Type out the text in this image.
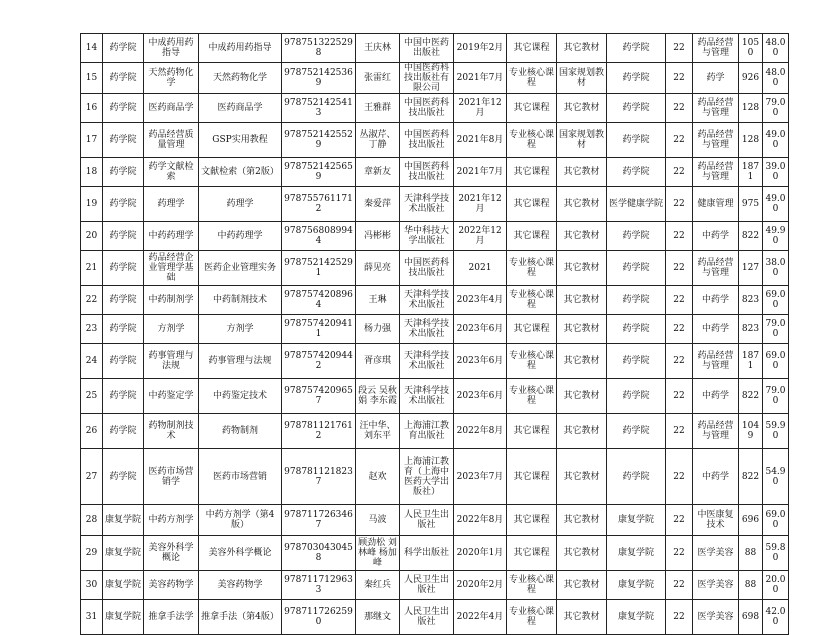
14	药学院	中成药用药指导	中成药用药指导	9787513225298	王庆林	中国中医药出版社	2019年2月	其它课程	其它教材	药学院	22	药品经营与管理	1050	48.00
15	药学院	天然药物化学	天然药物化学	9787521425369	张雷红	中国医药科技出版社有限公司	2021年7月	专业核心课程	国家规划教材	药学院	22	药学	926	48.00
16	药学院	医药商品学	医药商品学	9787521425413	王雅群	中国医药科技出版社	2021年12月	其它课程	其它教材	药学院	22	药品经营与管理	128	79.00
17	药学院	药品经营质量管理	GSP实用教程	9787521425529	丛淑芹、丁静	中国医药科技出版社	2021年8月	专业核心课程	国家规划教材	药学院	22	药品经营与管理	128	49.00
18	药学院	药学文献检索	文献检索（第2版）	9787521425659	章新友	中国医药科技出版社	2021年7月	其它课程	其它教材	药学院	22	药品经营与管理	1871	39.00
19	药学院	药理学	药理学	9787557611712	秦爱萍	天津科学技术出版社	2021年12月	其它课程	其它教材	医学健康学院	22	健康管理	975	49.00
20	药学院	中药药理学	中药药理学	9787568089944	冯彬彬	华中科技大学出版社	2022年12月	其它课程	其它教材	药学院	22	中药学	822	49.90
21	药学院	药品经营企业管理学基础	医药企业管理实务	9787521425291	薛见亮	中国医药科技出版社	2021	专业核心课程	其它教材	药学院	22	药品经营与管理	127	38.00
22	药学院	中药制剂学	中药制剂技术	9787574208964	王琳	天津科学技术出版社	2023年4月	专业核心课程	其它教材	药学院	22	中药学	823	69.00
23	药学院	方剂学	方剂学	9787574209411	杨力强	天津科学技术出版社	2023年6月	其它课程	其它教材	药学院	22	中药学	823	79.00
24	药学院	药事管理与法规	药事管理与法规	9787574209442	胥彦琪	天津科学技术出版社	2023年6月	专业核心课程	其它教材	药学院	22	药品经营与管理	1871	69.00
25	药学院	中药鉴定学	中药鉴定技术	9787574209657	段云 吴秋娟 李东霞	天津科学技术出版社	2023年6月	专业核心课程	其它教材	药学院	22	中药学	822	79.00
26	药学院	药物制剂技术	药物制剂	9787811217612	汪中华、刘东平	上海浦江教育出版社	2022年8月	其它课程	其它教材	药学院	22	药品经营与管理	1049	59.90
27	药学院	医药市场营销学	医药市场营销	9787811218237	赵欢	上海浦江教育（上海中医药大学出版社）	2023年7月	其它课程	其它教材	药学院	22	中药学	822	54.90
28	康复学院	中药方剂学	中药方剂学（第4版）	9787117263467	马波	人民卫生出版社	2022年8月	其它课程	其它教材	康复学院	22	中医康复技术	696	69.00
29	康复学院	美容外科学概论	美容外科学概论	9787030430458	顾劲松 刘林峰 杨加峰	科学出版社	2020年1月	其它课程	其它教材	康复学院	22	医学美容	88	59.80
30	康复学院	美容药物学	美容药物学	9787117129633	秦红兵	人民卫生出版社	2020年2月	专业核心课程	其它教材	康复学院	22	医学美容	88	20.00
31	康复学院	推拿手法学	推拿手法（第4版）	9787117262590	那继文	人民卫生出版社	2022年4月	专业核心课程	其它教材	康复学院	22	医学美容	698	42.00
